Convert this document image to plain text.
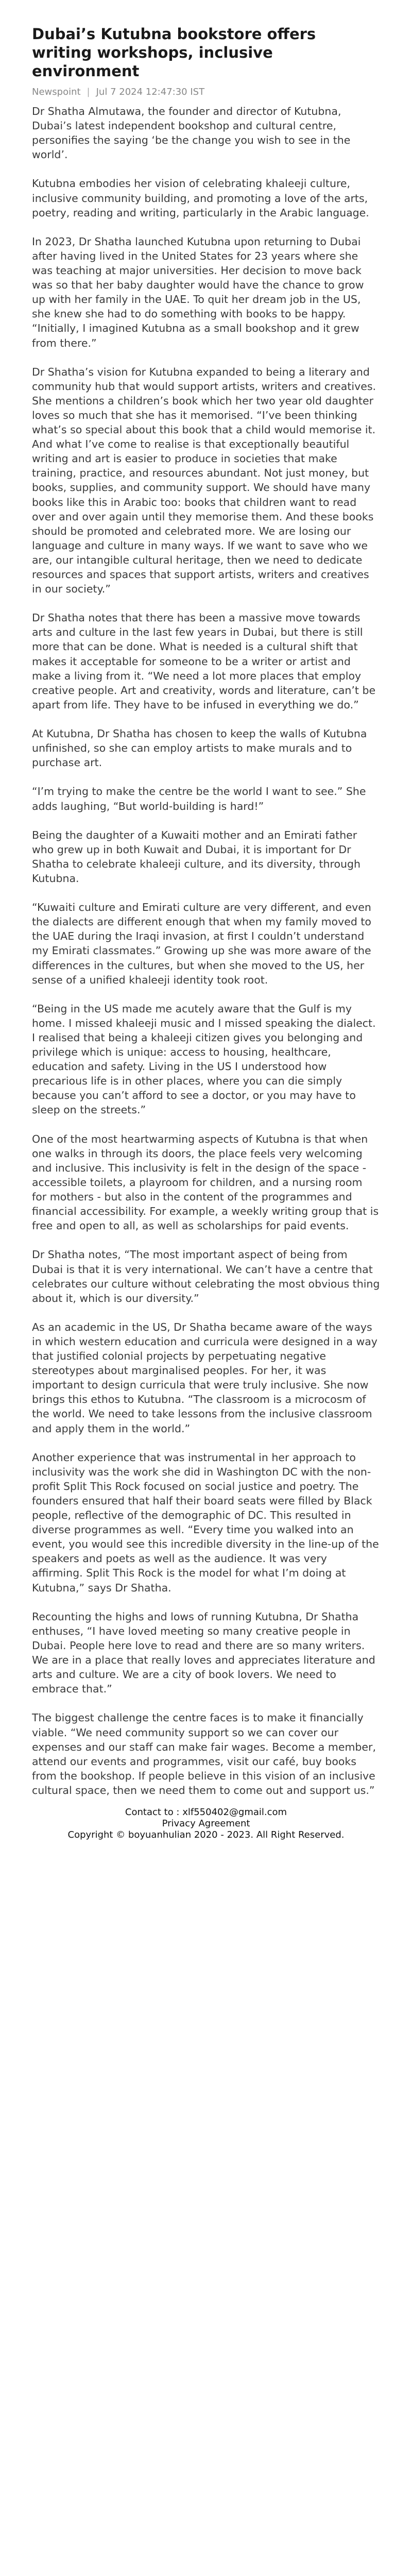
Dubai’s Kutubna bookstore offers writing workshops, inclusive environment
Newspoint | Jul 7 2024 12:47:30 IST

Dr Shatha Almutawa, the founder and director of Kutubna, Dubai’s latest independent bookshop and cultural centre, personifies the saying ‘be the change you wish to see in the world’.

Kutubna embodies her vision of celebrating khaleeji culture, inclusive community building, and promoting a love of the arts, poetry, reading and writing, particularly in the Arabic language.

In 2023, Dr Shatha launched Kutubna upon returning to Dubai after having lived in the United States for 23 years where she was teaching at major universities. Her decision to move back was so that her baby daughter would have the chance to grow up with her family in the UAE. To quit her dream job in the US, she knew she had to do something with books to be happy. “Initially, I imagined Kutubna as a small bookshop and it grew from there.”

Dr Shatha’s vision for Kutubna expanded to being a literary and community hub that would support artists, writers and creatives. She mentions a children’s book which her two year old daughter loves so much that she has it memorised. “I’ve been thinking what’s so special about this book that a child would memorise it. And what I’ve come to realise is that exceptionally beautiful writing and art is easier to produce in societies that make training, practice, and resources abundant. Not just money, but books, supplies, and community support. We should have many books like this in Arabic too: books that children want to read over and over again until they memorise them. And these books should be promoted and celebrated more. We are losing our language and culture in many ways. If we want to save who we are, our intangible cultural heritage, then we need to dedicate resources and spaces that support artists, writers and creatives in our society.”

Dr Shatha notes that there has been a massive move towards arts and culture in the last few years in Dubai, but there is still more that can be done. What is needed is a cultural shift that makes it acceptable for someone to be a writer or artist and make a living from it. “We need a lot more places that employ creative people. Art and creativity, words and literature, can’t be apart from life. They have to be infused in everything we do.”

At Kutubna, Dr Shatha has chosen to keep the walls of Kutubna unfinished, so she can employ artists to make murals and to purchase art.

“I’m trying to make the centre be the world I want to see.” She adds laughing, “But world-building is hard!”

Being the daughter of a Kuwaiti mother and an Emirati father who grew up in both Kuwait and Dubai, it is important for Dr Shatha to celebrate khaleeji culture, and its diversity, through Kutubna.

“Kuwaiti culture and Emirati culture are very different, and even the dialects are different enough that when my family moved to the UAE during the Iraqi invasion, at first I couldn’t understand my Emirati classmates.” Growing up she was more aware of the differences in the cultures, but when she moved to the US, her sense of a unified khaleeji identity took root.

“Being in the US made me acutely aware that the Gulf is my home. I missed khaleeji music and I missed speaking the dialect. I realised that being a khaleeji citizen gives you belonging and privilege which is unique: access to housing, healthcare, education and safety. Living in the US I understood how precarious life is in other places, where you can die simply because you can’t afford to see a doctor, or you may have to sleep on the streets.”

One of the most heartwarming aspects of Kutubna is that when one walks in through its doors, the place feels very welcoming and inclusive. This inclusivity is felt in the design of the space - accessible toilets, a playroom for children, and a nursing room for mothers - but also in the content of the programmes and financial accessibility. For example, a weekly writing group that is free and open to all, as well as scholarships for paid events.

Dr Shatha notes, “The most important aspect of being from Dubai is that it is very international. We can’t have a centre that celebrates our culture without celebrating the most obvious thing about it, which is our diversity.”

As an academic in the US, Dr Shatha became aware of the ways in which western education and curricula were designed in a way that justified colonial projects by perpetuating negative stereotypes about marginalised peoples. For her, it was important to design curricula that were truly inclusive. She now brings this ethos to Kutubna. “The classroom is a microcosm of the world. We need to take lessons from the inclusive classroom and apply them in the world.”

Another experience that was instrumental in her approach to inclusivity was the work she did in Washington DC with the non-profit Split This Rock focused on social justice and poetry. The founders ensured that half their board seats were filled by Black people, reflective of the demographic of DC. This resulted in diverse programmes as well. “Every time you walked into an event, you would see this incredible diversity in the line-up of the speakers and poets as well as the audience. It was very affirming. Split This Rock is the model for what I’m doing at Kutubna,” says Dr Shatha.

Recounting the highs and lows of running Kutubna, Dr Shatha enthuses, “I have loved meeting so many creative people in Dubai. People here love to read and there are so many writers. We are in a place that really loves and appreciates literature and arts and culture. We are a city of book lovers. We need to embrace that.”

The biggest challenge the centre faces is to make it financially viable. “We need community support so we can cover our expenses and our staff can make fair wages. Become a member, attend our events and programmes, visit our café, buy books from the bookshop. If people believe in this vision of an inclusive cultural space, then we need them to come out and support us.”

Contact to : xlf550402@gmail.com
Privacy Agreement
Copyright © boyuanhulian 2020 - 2023. All Right Reserved.
